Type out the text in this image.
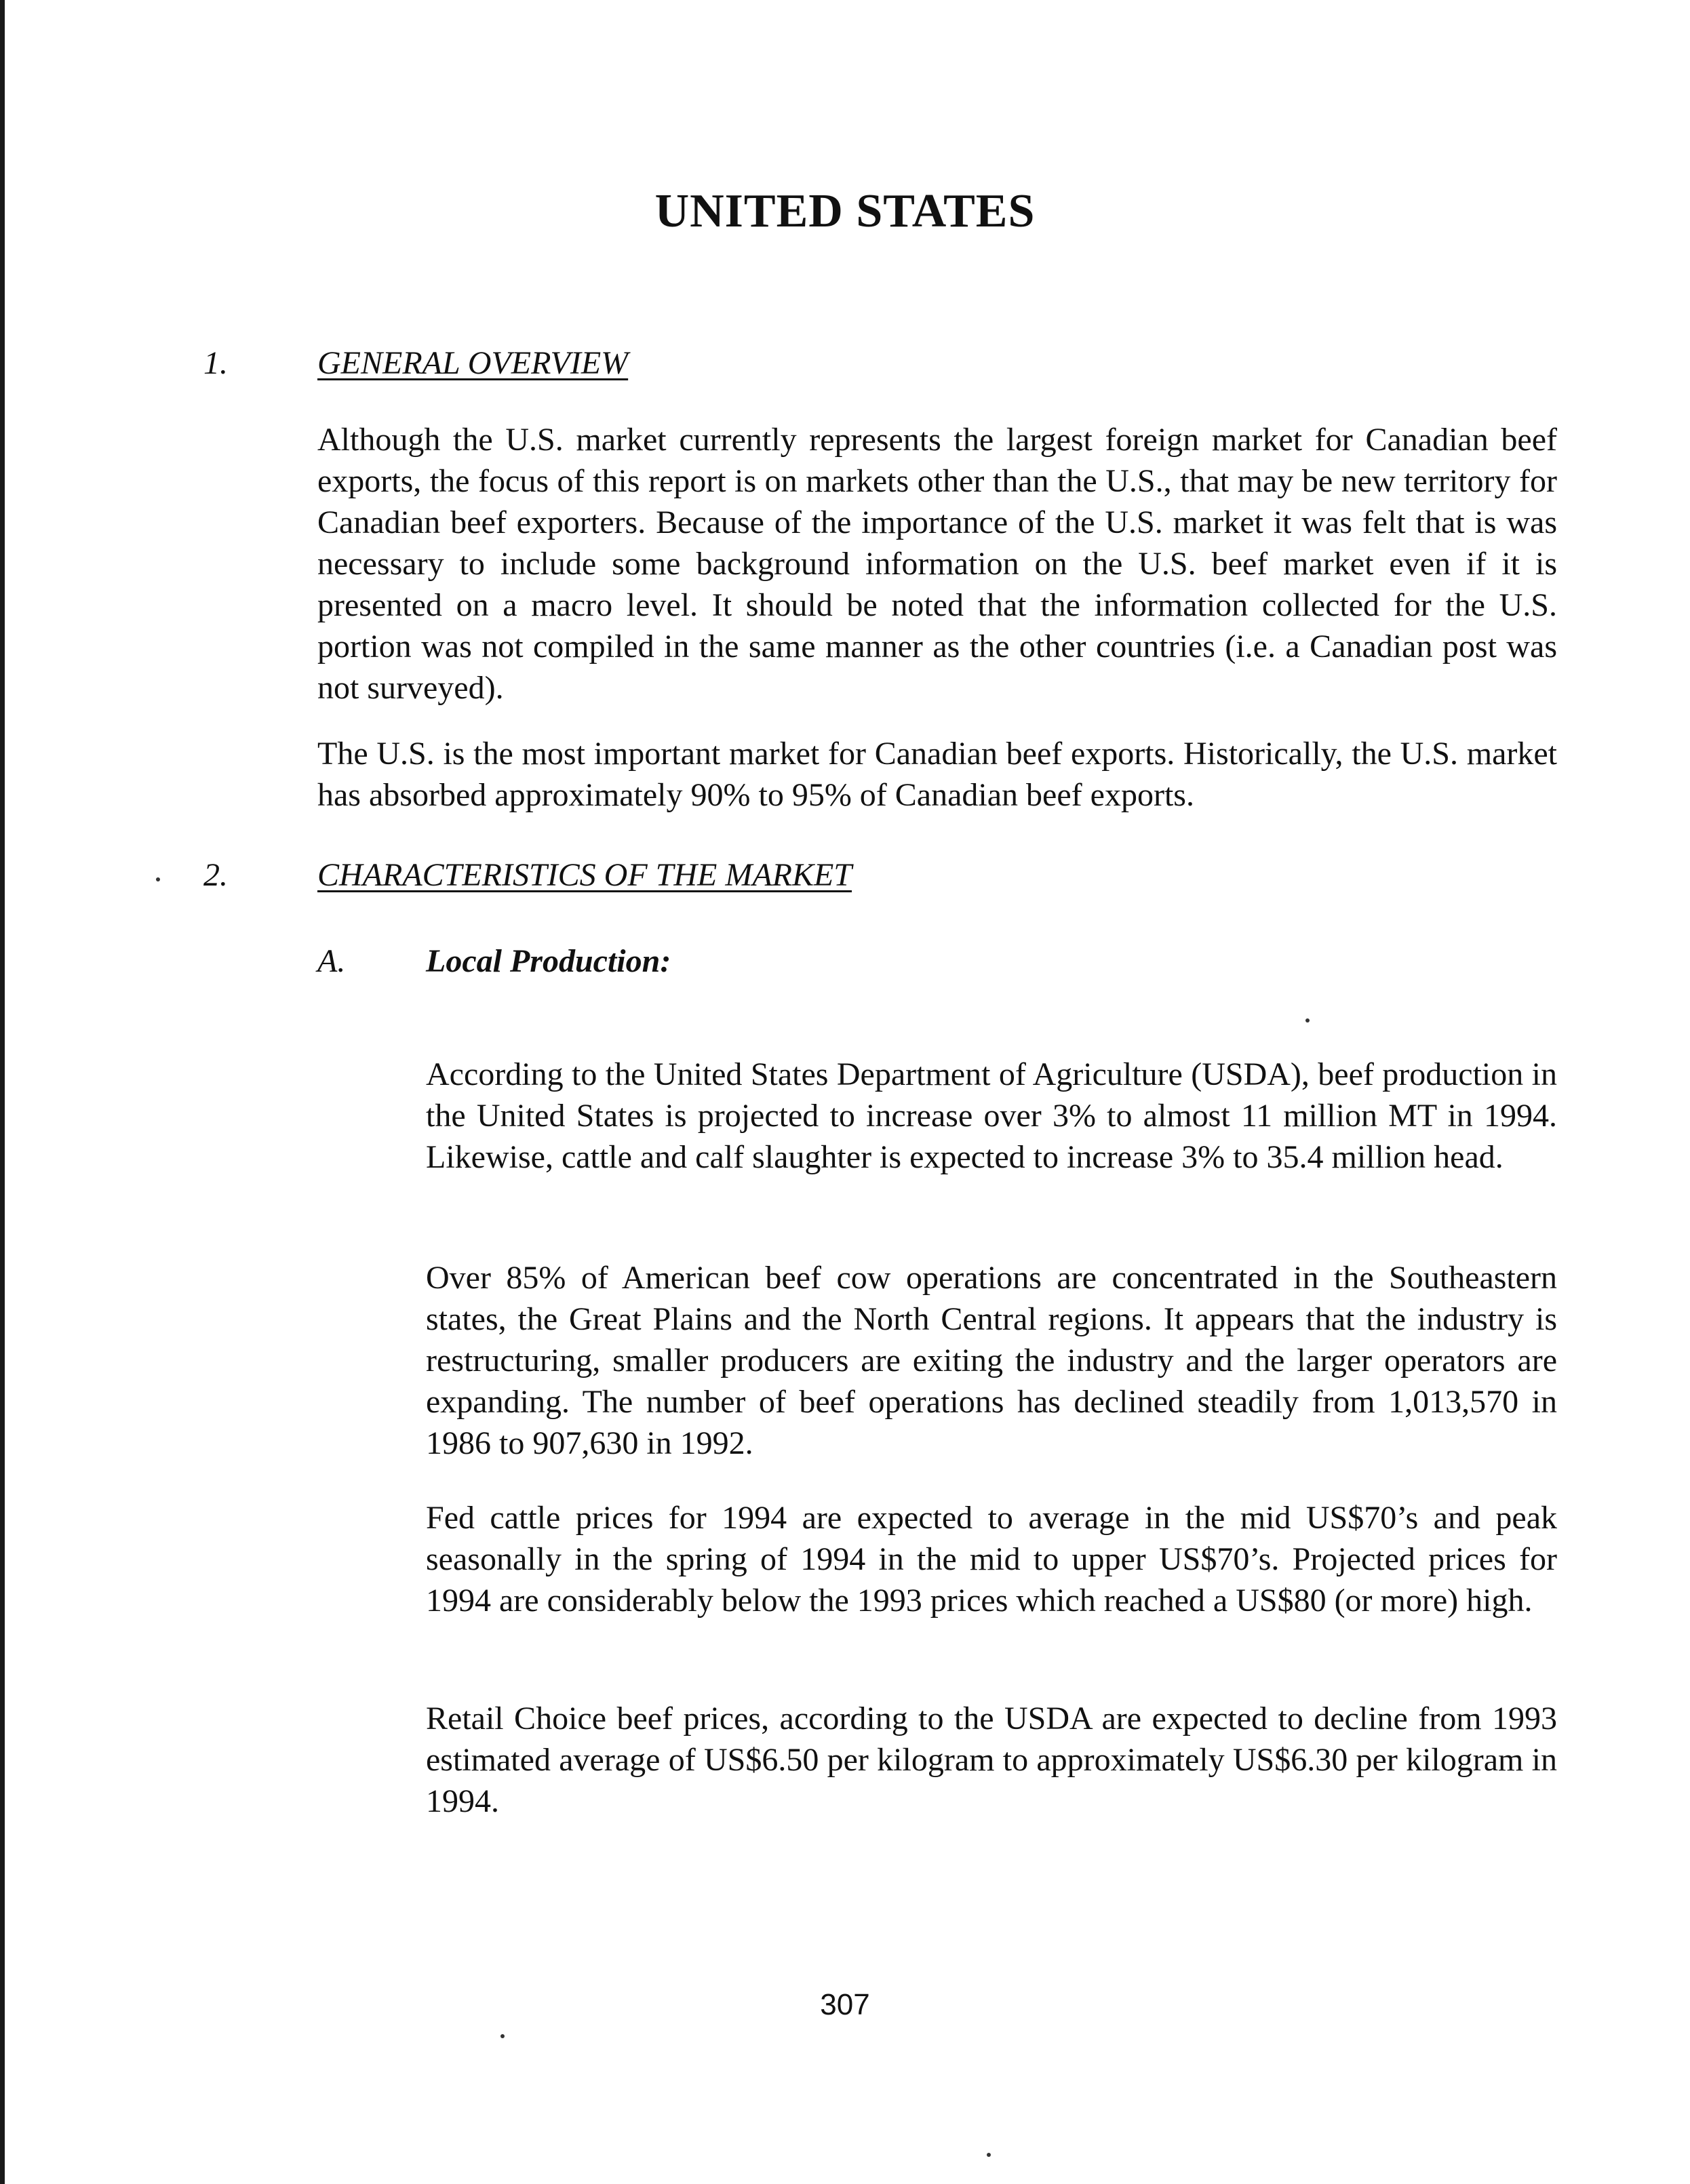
UNITED STATES
1.	GENERAL OVERVIEW

Although the U.S. market currently represents the largest foreign market for Canadian beef exports, the focus of this report is on markets other than the U.S., that may be new territory for Canadian beef exporters. Because of the importance of the U.S. market it was felt that is was necessary to include some background information on the U.S. beef market even if it is presented on a macro level. It should be noted that the information collected for the U.S. portion was not compiled in the same manner as the other countries (i.e. a Canadian post was not surveyed).

The U.S. is the most important market for Canadian beef exports. Historically, the U.S. market has absorbed approximately 90% to 95% of Canadian beef exports.

2.	CHARACTERISTICS OF THE MARKET
A. Local Production:

According to the United States Department of Agriculture (USDA), beef production in the United States is projected to increase over 3% to almost 11 million MT in 1994. Likewise, cattle and calf slaughter is expected to increase 3% to 35.4 million head.

Over 85% of American beef cow operations are concentrated in the Southeastern states, the Great Plains and the North Central regions. It appears that the industry is restructuring, smaller producers are exiting the industry and the larger operators are expanding. The number of beef operations has declined steadily from 1,013,570 in 1986 to 907,630 in 1992.

Fed cattle prices for 1994 are expected to average in the mid US$70’s and peak seasonally in the spring of 1994 in the mid to upper US$70’s. Projected prices for 1994 are considerably below the 1993 prices which reached a US$80 (or more) high.

Retail Choice beef prices, according to the USDA are expected to decline from 1993 estimated average of US$6.50 per kilogram to approximately US$6.30 per kilogram in 1994.

307
